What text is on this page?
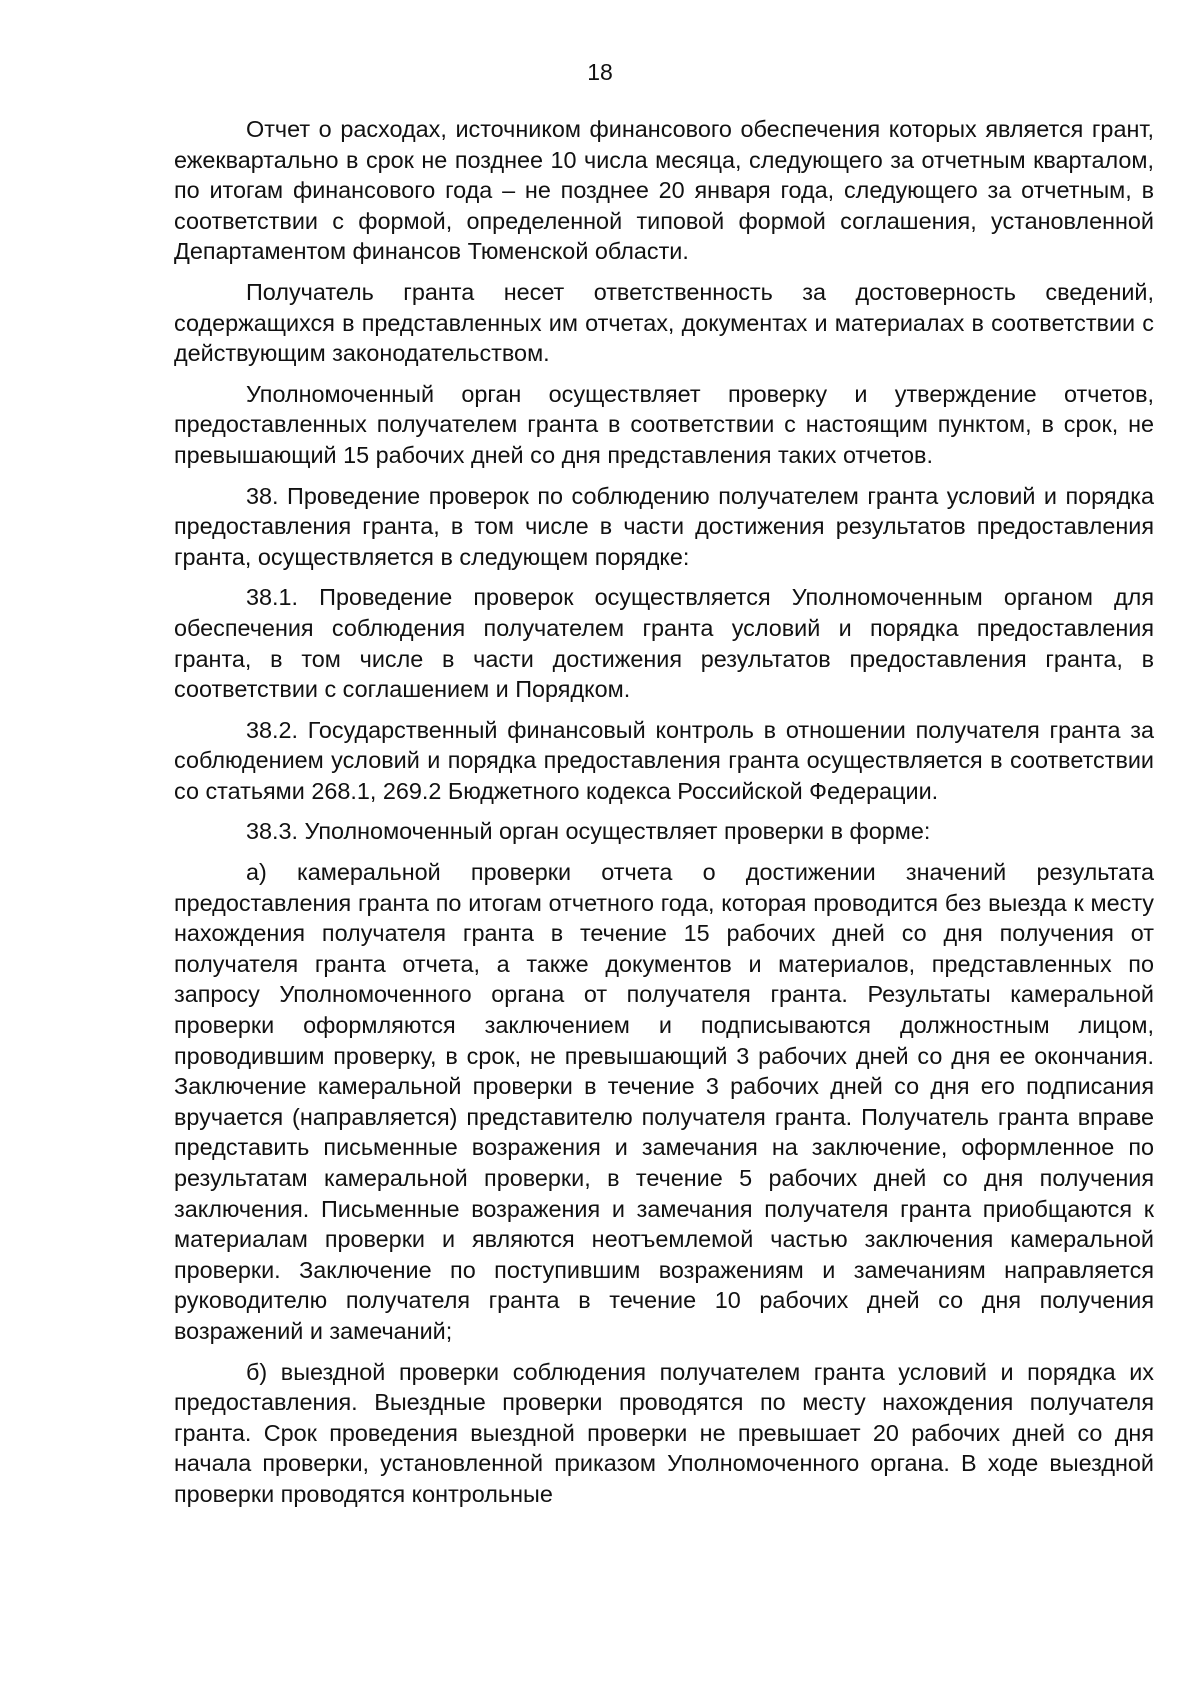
18

Отчет о расходах, источником финансового обеспечения которых является грант, ежеквартально в срок не позднее 10 числа месяца, следующего за отчетным кварталом, по итогам финансового года – не позднее 20 января года, следующего за отчетным, в соответствии с формой, определенной типовой формой соглашения, установленной Департаментом финансов Тюменской области.

Получатель гранта несет ответственность за достоверность сведений, содержащихся в представленных им отчетах, документах и материалах в соответствии с действующим законодательством.

Уполномоченный орган осуществляет проверку и утверждение отчетов, предоставленных получателем гранта в соответствии с настоящим пунктом, в срок, не превышающий 15 рабочих дней со дня представления таких отчетов.

38. Проведение проверок по соблюдению получателем гранта условий и порядка предоставления гранта, в том числе в части достижения результатов предоставления гранта, осуществляется в следующем порядке:

38.1. Проведение проверок осуществляется Уполномоченным органом для обеспечения соблюдения получателем гранта условий и порядка предоставления гранта, в том числе в части достижения результатов предоставления гранта, в соответствии с соглашением и Порядком.

38.2. Государственный финансовый контроль в отношении получателя гранта за соблюдением условий и порядка предоставления гранта осуществляется в соответствии со статьями 268.1, 269.2 Бюджетного кодекса Российской Федерации.

38.3. Уполномоченный орган осуществляет проверки в форме:

а) камеральной проверки отчета о достижении значений результата предоставления гранта по итогам отчетного года, которая проводится без выезда к месту нахождения получателя гранта в течение 15 рабочих дней со дня получения от получателя гранта отчета, а также документов и материалов, представленных по запросу Уполномоченного органа от получателя гранта. Результаты камеральной проверки оформляются заключением и подписываются должностным лицом, проводившим проверку, в срок, не превышающий 3 рабочих дней со дня ее окончания. Заключение камеральной проверки в течение 3 рабочих дней со дня его подписания вручается (направляется) представителю получателя гранта. Получатель гранта вправе представить письменные возражения и замечания на заключение, оформленное по результатам камеральной проверки, в течение 5 рабочих дней со дня получения заключения. Письменные возражения и замечания получателя гранта приобщаются к материалам проверки и являются неотъемлемой частью заключения камеральной проверки. Заключение по поступившим возражениям и замечаниям направляется руководителю получателя гранта в течение 10 рабочих дней со дня получения возражений и замечаний;

б) выездной проверки соблюдения получателем гранта условий и порядка их предоставления. Выездные проверки проводятся по месту нахождения получателя гранта. Срок проведения выездной проверки не превышает 20 рабочих дней со дня начала проверки, установленной приказом Уполномоченного органа. В ходе выездной проверки проводятся контрольные
